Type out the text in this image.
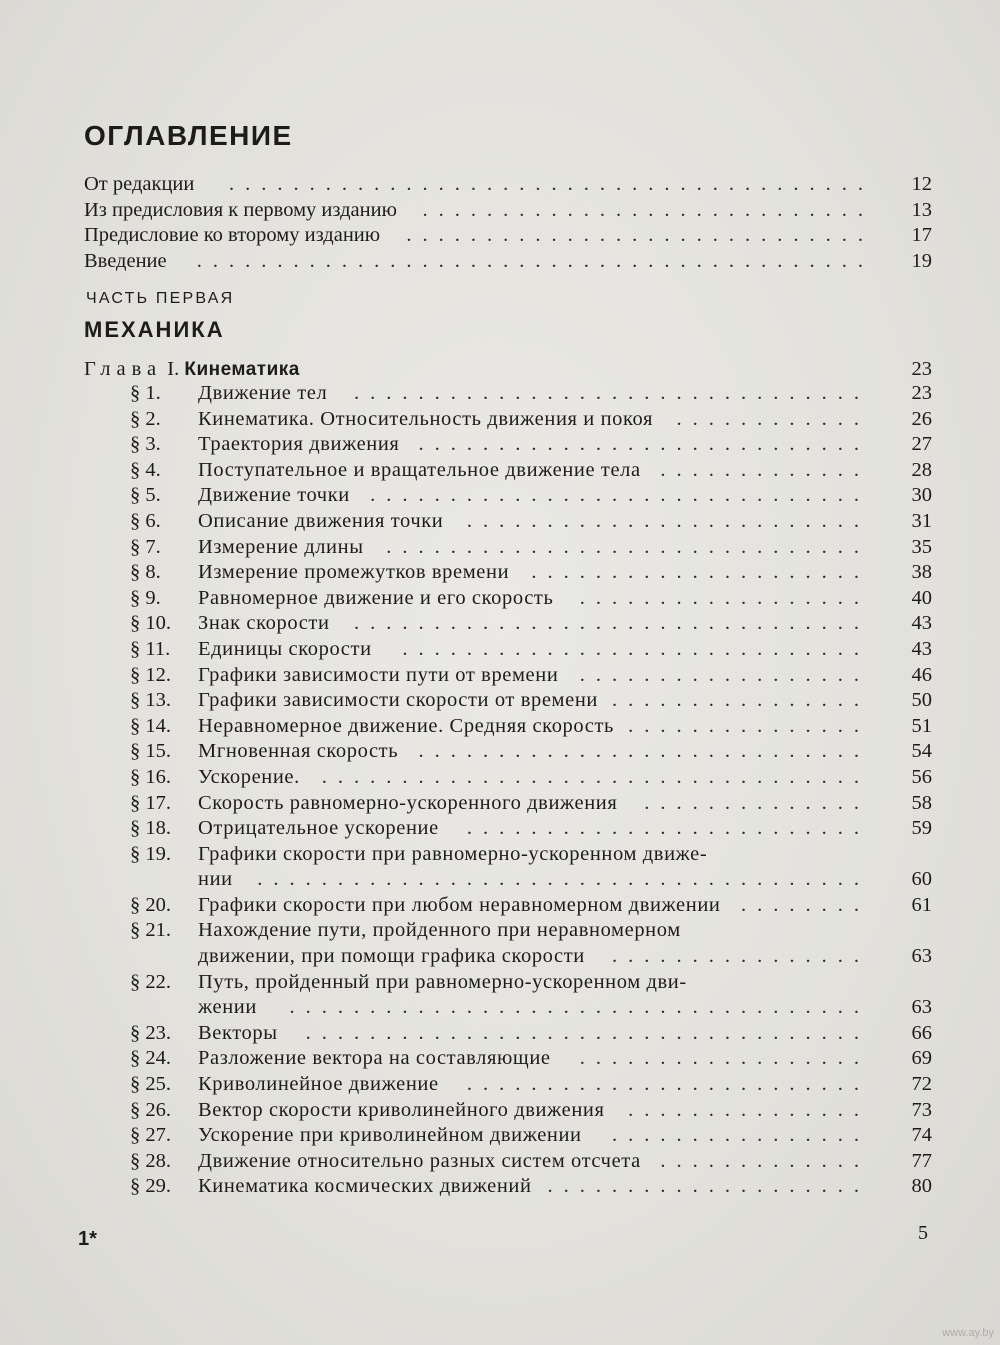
ОГЛАВЛЕНИЕ
От редакции ........................................	12
Из предисловия к первому изданию ............................	13
Предисловие ко второму изданию .............................	17
Введение ..........................................	19
ЧАСТЬ ПЕРВАЯ
МЕХАНИКА
Глава I. Кинематика	23
§ 1.	Движение тел ................................	23
§ 2.	Кинематика. Относительность движения и покоя ............	26
§ 3.	Траектория движения ............................	27
§ 4.	Поступательное и вращательное движение тела .............	28
§ 5.	Движение точки ...............................	30
§ 6.	Описание движения точки .........................	31
§ 7.	Измерение длины ..............................	35
§ 8.	Измерение промежутков времени .....................	38
§ 9.	Равномерное движение и его скорость ..................	40
§ 10.	Знак скорости ................................	43
§ 11.	Единицы скорости .............................	43
§ 12.	Графики зависимости пути от времени ..................	46
§ 13.	Графики зависимости скорости от времени ................	50
§ 14.	Неравномерное движение. Средняя скорость ...............	51
§ 15.	Мгновенная скорость ............................	54
§ 16.	Ускорение. ..................................	56
§ 17.	Скорость равномерно-ускоренного движения ..............	58
§ 18.	Отрицательное ускорение .........................	59
§ 19.	Графики скорости при равномерно-ускоренном движе-
нии ......................................	60
§ 20.	Графики скорости при любом неравномерном движении ........	61
§ 21.	Нахождение пути, пройденного при неравномерном
движении, при помощи графика скорости ................	63
§ 22.	Путь, пройденный при равномерно-ускоренном дви-
жении ....................................	63
§ 23.	Векторы ...................................	66
§ 24.	Разложение вектора на составляющие ..................	69
§ 25.	Криволинейное движение .........................	72
§ 26.	Вектор скорости криволинейного движения ...............	73
§ 27.	Ускорение при криволинейном движении ................	74
§ 28.	Движение относительно разных систем отсчета .............	77
§ 29.	Кинематика космических движений ....................	80
1*	5
www.ay.by
